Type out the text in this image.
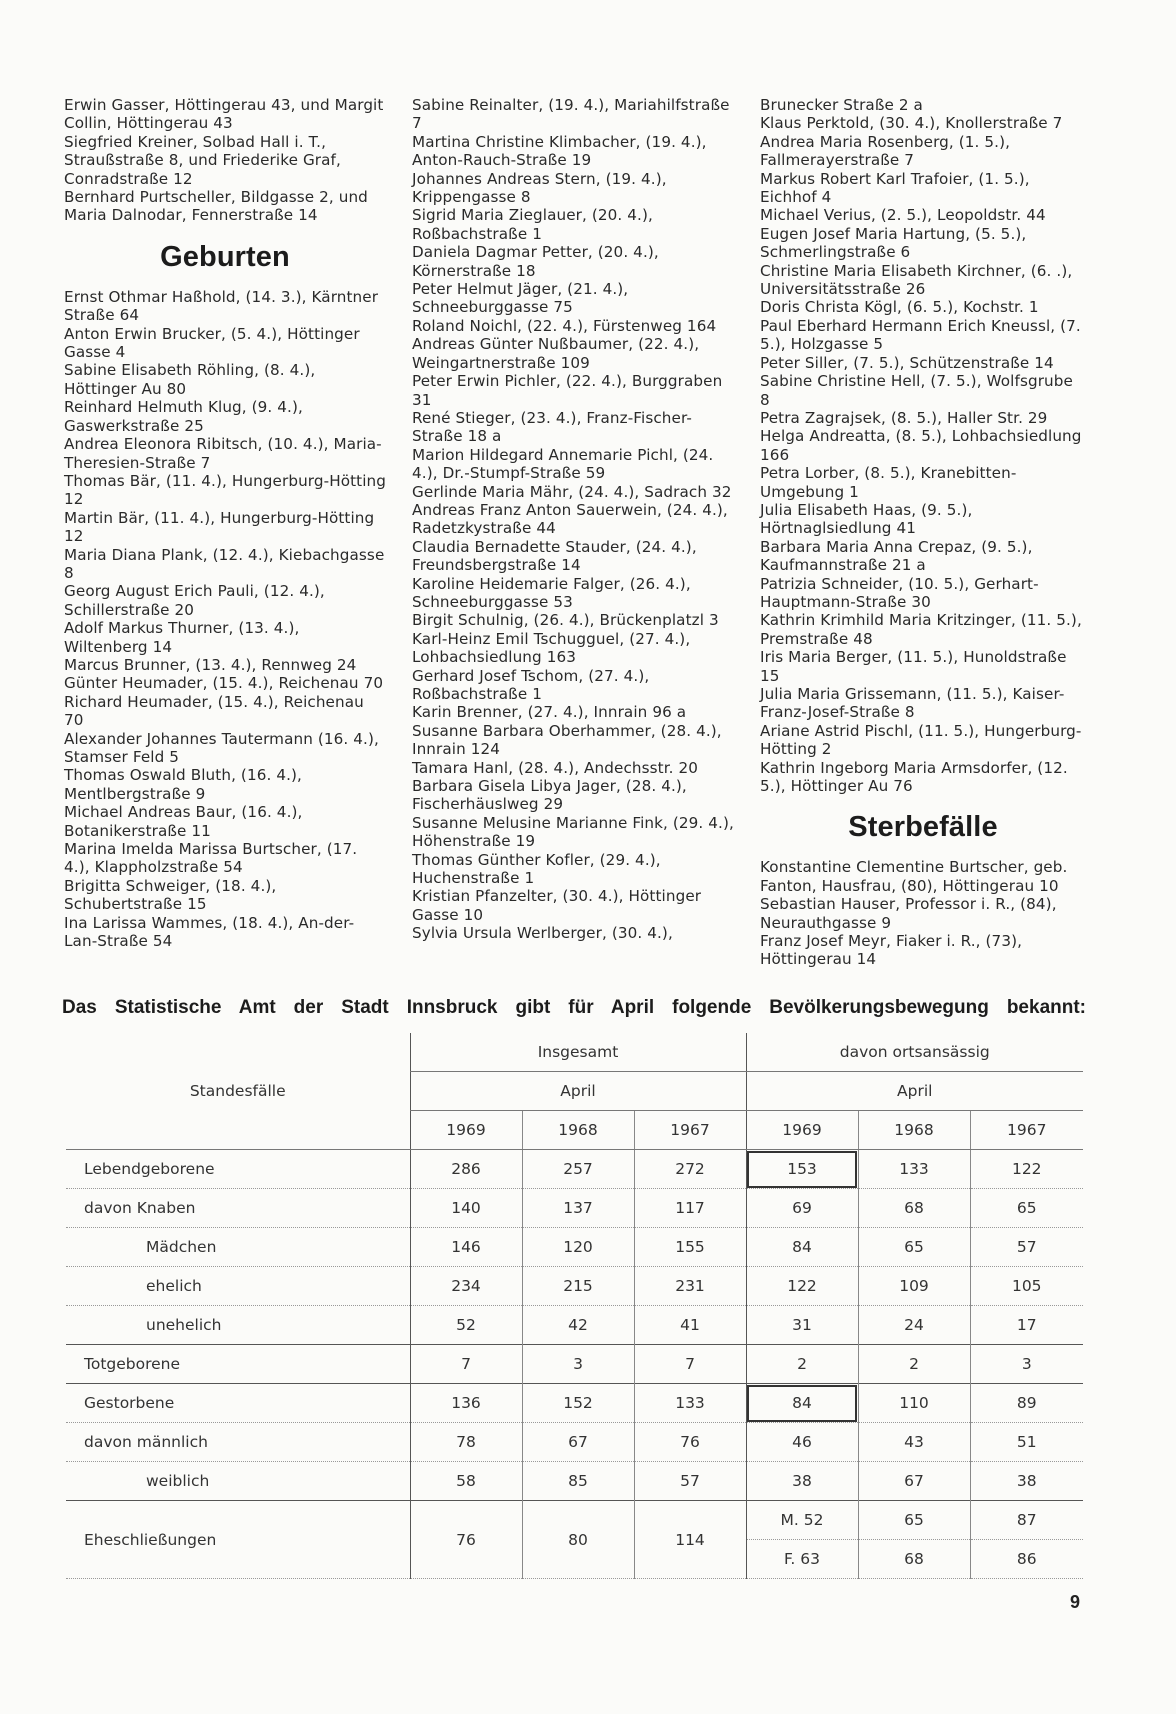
Erwin Gasser, Höttingerau 43, und Margit Collin, Höttingerau 43

Siegfried Kreiner, Solbad Hall i. T., Straußstraße 8, und Friederike Graf, Conradstraße 12

Bernhard Purtscheller, Bildgasse 2, und Maria Dalnodar, Fennerstraße 14

Geburten

Ernst Othmar Haßhold, (14. 3.), Kärntner Straße 64

Anton Erwin Brucker, (5. 4.), Höttinger Gasse 4

Sabine Elisabeth Röhling, (8. 4.), Höttinger Au 80

Reinhard Helmuth Klug, (9. 4.), Gaswerkstraße 25

Andrea Eleonora Ribitsch, (10. 4.), Maria-Theresien-Straße 7

Thomas Bär, (11. 4.), Hungerburg-Hötting 12

Martin Bär, (11. 4.), Hungerburg-Hötting 12

Maria Diana Plank, (12. 4.), Kiebachgasse 8

Georg August Erich Pauli, (12. 4.), Schillerstraße 20

Adolf Markus Thurner, (13. 4.), Wiltenberg 14

Marcus Brunner, (13. 4.), Rennweg 24

Günter Heumader, (15. 4.), Reichenau 70

Richard Heumader, (15. 4.), Reichenau 70

Alexander Johannes Tautermann (16. 4.), Stamser Feld 5

Thomas Oswald Bluth, (16. 4.), Mentlbergstraße 9

Michael Andreas Baur, (16. 4.), Botanikerstraße 11

Marina Imelda Marissa Burtscher, (17. 4.), Klappholzstraße 54

Brigitta Schweiger, (18. 4.), Schubertstraße 15

Ina Larissa Wammes, (18. 4.), An-der-Lan-Straße 54

Sabine Reinalter, (19. 4.), Mariahilfstraße 7

Martina Christine Klimbacher, (19. 4.), Anton-Rauch-Straße 19

Johannes Andreas Stern, (19. 4.), Krippengasse 8

Sigrid Maria Zieglauer, (20. 4.), Roßbachstraße 1

Daniela Dagmar Petter, (20. 4.), Körnerstraße 18

Peter Helmut Jäger, (21. 4.), Schneeburggasse 75

Roland Noichl, (22. 4.), Fürstenweg 164

Andreas Günter Nußbaumer, (22. 4.), Weingartnerstraße 109

Peter Erwin Pichler, (22. 4.), Burggraben 31

René Stieger, (23. 4.), Franz-Fischer-Straße 18 a

Marion Hildegard Annemarie Pichl, (24. 4.), Dr.-Stumpf-Straße 59

Gerlinde Maria Mähr, (24. 4.), Sadrach 32

Andreas Franz Anton Sauerwein, (24. 4.), Radetzkystraße 44

Claudia Bernadette Stauder, (24. 4.), Freundsbergstraße 14

Karoline Heidemarie Falger, (26. 4.), Schneeburggasse 53

Birgit Schulnig, (26. 4.), Brückenplatzl 3

Karl-Heinz Emil Tschugguel, (27. 4.), Lohbachsiedlung 163

Gerhard Josef Tschom, (27. 4.), Roßbachstraße 1

Karin Brenner, (27. 4.), Innrain 96 a

Susanne Barbara Oberhammer, (28. 4.), Innrain 124

Tamara Hanl, (28. 4.), Andechsstr. 20

Barbara Gisela Libya Jager, (28. 4.), Fischerhäuslweg 29

Susanne Melusine Marianne Fink, (29. 4.), Höhenstraße 19

Thomas Günther Kofler, (29. 4.), Huchenstraße 1

Kristian Pfanzelter, (30. 4.), Höttinger Gasse 10

Sylvia Ursula Werlberger, (30. 4.),

Brunecker Straße 2 a

Klaus Perktold, (30. 4.), Knollerstraße 7

Andrea Maria Rosenberg, (1. 5.), Fallmerayerstraße 7

Markus Robert Karl Trafoier, (1. 5.), Eichhof 4

Michael Verius, (2. 5.), Leopoldstr. 44

Eugen Josef Maria Hartung, (5. 5.), Schmerlingstraße 6

Christine Maria Elisabeth Kirchner, (6. .), Universitätsstraße 26

Doris Christa Kögl, (6. 5.), Kochstr. 1

Paul Eberhard Hermann Erich Kneussl, (7. 5.), Holzgasse 5

Peter Siller, (7. 5.), Schützenstraße 14

Sabine Christine Hell, (7. 5.), Wolfsgrube 8

Petra Zagrajsek, (8. 5.), Haller Str. 29

Helga Andreatta, (8. 5.), Lohbachsiedlung 166

Petra Lorber, (8. 5.), Kranebitten-Umgebung 1

Julia Elisabeth Haas, (9. 5.), Hörtnaglsiedlung 41

Barbara Maria Anna Crepaz, (9. 5.), Kaufmannstraße 21 a

Patrizia Schneider, (10. 5.), Gerhart-Hauptmann-Straße 30

Kathrin Krimhild Maria Kritzinger, (11. 5.), Premstraße 48

Iris Maria Berger, (11. 5.), Hunoldstraße 15

Julia Maria Grissemann, (11. 5.), Kaiser-Franz-Josef-Straße 8

Ariane Astrid Pischl, (11. 5.), Hungerburg-Hötting 2

Kathrin Ingeborg Maria Armsdorfer, (12. 5.), Höttinger Au 76

Sterbefälle

Konstantine Clementine Burtscher, geb. Fanton, Hausfrau, (80), Höttingerau 10

Sebastian Hauser, Professor i. R., (84), Neurauthgasse 9

Franz Josef Meyr, Fiaker i. R., (73), Höttingerau 14

Das Statistische Amt der Stadt Innsbruck gibt für April folgende Bevölkerungsbewegung bekannt:

Standesfälle	Insgesamt			davon ortsansässig		
	April			April		
	1969	1968	1967	1969	1968	1967
Lebendgeborene	286	257	272	153	133	122
davon Knaben	140	137	117	69	68	65
Mädchen	146	120	155	84	65	57
ehelich	234	215	231	122	109	105
unehelich	52	42	41	31	24	17
Totgeborene	7	3	7	2	2	3
Gestorbene	136	152	133	84	110	89
davon männlich	78	67	76	46	43	51
weiblich	58	85	57	38	67	38
Eheschließungen	76	80	114	M. 52	65	87
				F. 63	68	86
9
